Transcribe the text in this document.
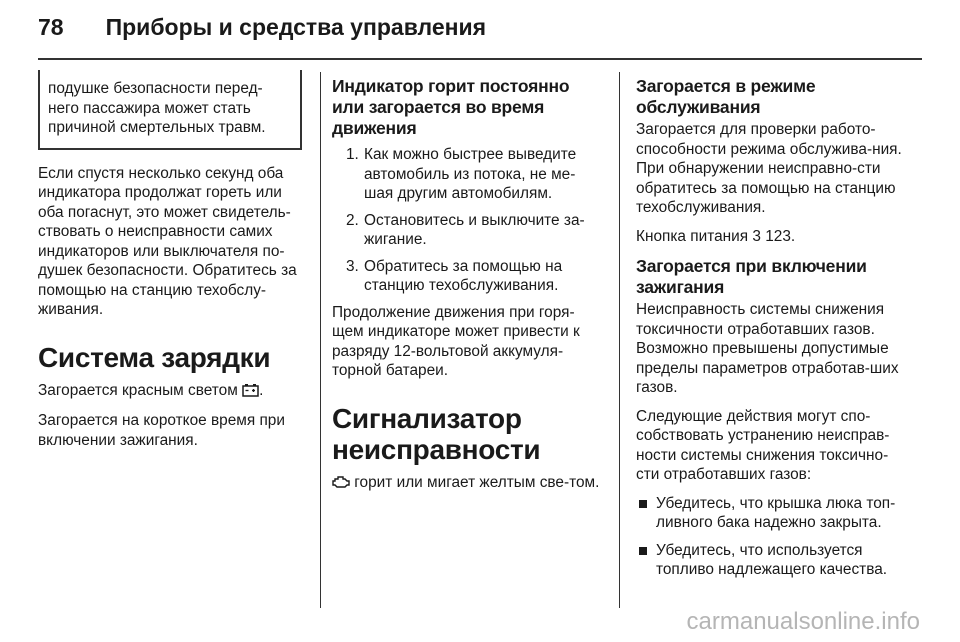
78 Приборы и средства управления
подушке безопасности перед-
него пассажира может стать
причиной смертельных травм.

Если спустя несколько секунд оба индикатора продолжат гореть или оба погаснут, это может свидетель-ствовать о неисправности самих индикаторов или выключателя по-душек безопасности. Обратитесь за помощью на станцию техобслу-живания.

Система зарядки

Загорается красным светом .

Загорается на короткое время при включении зажигания.

Индикатор горит постоянно или загорается во время движения
1. Как можно быстрее выведите автомобиль из потока, не ме-шая другим автомобилям.
2. Остановитесь и выключите за-жигание.
3. Обратитесь за помощью на станцию техобслуживания.

Продолжение движения при горя-щем индикаторе может привести к разряду 12-вольтовой аккумуля-торной батареи.

Сигнализатор неисправности

горит или мигает желтым све-том.

Загорается в режиме обслуживания

Загорается для проверки работо-способности режима обслужива-ния. При обнаружении неисправно-сти обратитесь за помощью на станцию техобслуживания.

Кнопка питания 3 123.

Загорается при включении зажигания

Неисправность системы снижения токсичности отработавших газов. Возможно превышены допустимые пределы параметров отработав-ших газов.

Следующие действия могут спо-собствовать устранению неисправ-ности системы снижения токсично-сти отработавших газов:

Убедитесь, что крышка люка топ-ливного бака надежно закрыта.
Убедитесь, что используется топливо надлежащего качества.
carmanualsonline.info
